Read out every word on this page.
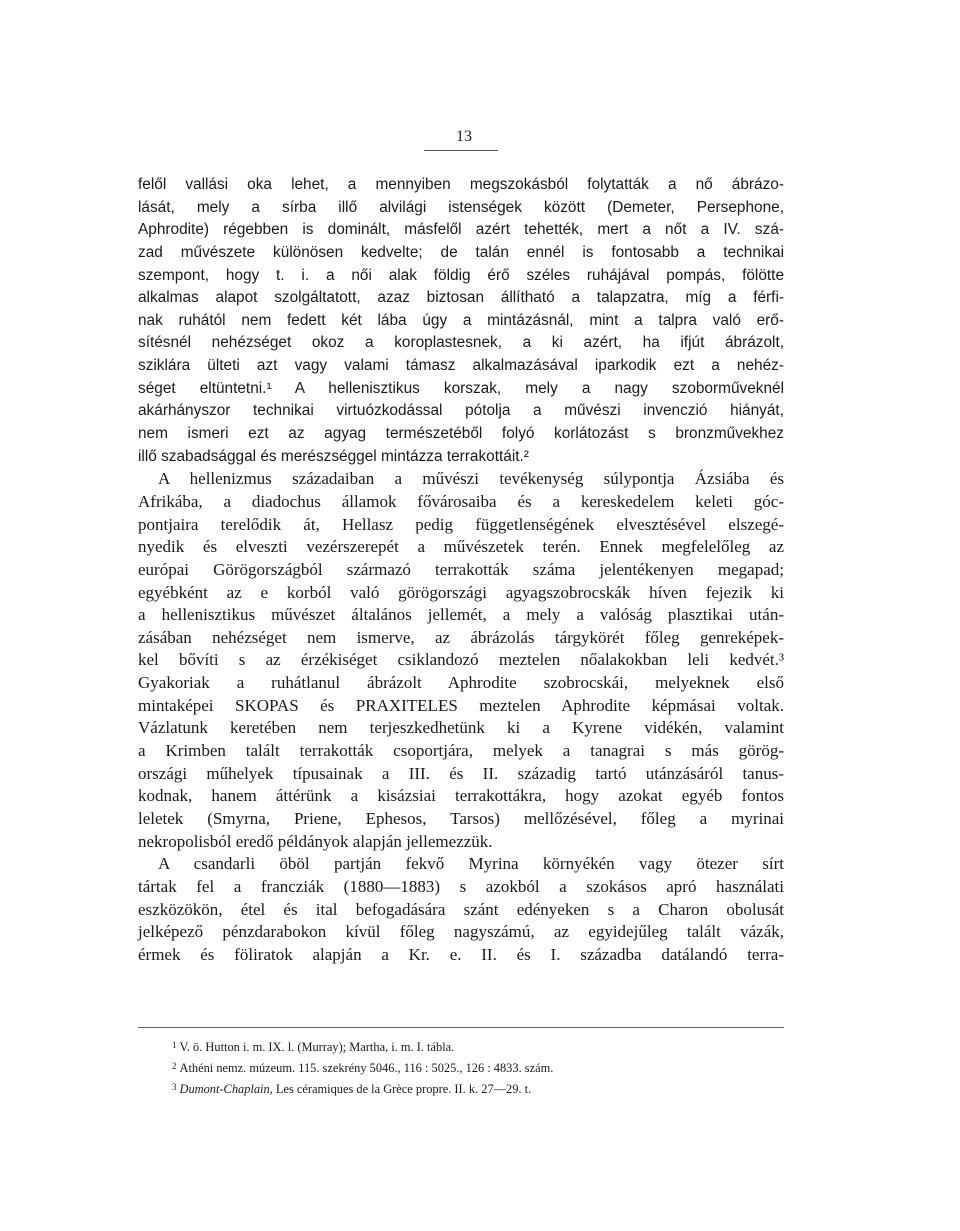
13
felől vallási oka lehet, a mennyiben megszokásból folytatták a nő ábrázo-
lását, mely a sírba illő alvilági istenségek között (Demeter, Persephone,
Aphrodite) régebben is dominált, másfelől azért tehették, mert a nőt a IV. szá-
zad művészete különösen kedvelte; de talán ennél is fontosabb a technikai
szempont, hogy t. i. a női alak földig érő széles ruhájával pompás, fölötte
alkalmas alapot szolgáltatott, azaz biztosan állítható a talapzatra, míg a férfi-
nak ruhától nem fedett két lába úgy a mintázásnál, mint a talpra való erő-
sítésnél nehézséget okoz a koroplastesnek, a ki azért, ha ifjút ábrázolt,
sziklára ülteti azt vagy valami támasz alkalmazásával iparkodik ezt a nehéz-
séget eltüntetni.¹ A hellenisztikus korszak, mely a nagy szoborműveknél
akárhányszor technikai virtuózkodással pótolja a művészi invenczió hiányát,
nem ismeri ezt az agyag természetéből folyó korlátozást s bronzművekhez
illő szabadsággal és merészséggel mintázza terrakottáit.²
A hellenizmus századaiban a művészi tevékenység súlypontja Ázsiába és
Afrikába, a diadochus államok fővárosaiba és a kereskedelem keleti góc-
pontjaira terelődik át, Hellasz pedig függetlenségének elvesztésével elszegé-
nyedik és elveszti vezérszerepét a művészetek terén. Ennek megfelelőleg az
európai Görögországból származó terrakották száma jelentékenyen megapad;
egyébként az e korból való görögországi agyagszobrocskák híven fejezik ki
a hellenisztikus művészet általános jellemét, a mely a valóság plasztikai után-
zásában nehézséget nem ismerve, az ábrázolás tárgykörét főleg genreképek-
kel bővíti s az érzékiséget csiklandozó meztelen nőalakokban leli kedvét.³
Gyakoriak a ruhátlanul ábrázolt Aphrodite szobrocskái, melyeknek első
mintaképei SKOPAS és PRAXITELES meztelen Aphrodite képmásai voltak.
Vázlatunk keretében nem terjeszkedhetünk ki a Kyrene vidékén, valamint
a Krimben talált terrakották csoportjára, melyek a tanagrai s más görög-
országi műhelyek típusainak a III. és II. századig tartó utánzásáról tanus-
kodnak, hanem áttérünk a kisázsiai terrakottákra, hogy azokat egyéb fontos
leletek (Smyrna, Priene, Ephesos, Tarsos) mellőzésével, főleg a myrinai
nekropolisból eredő példányok alapján jellemezzük.
A csandarli öböl partján fekvő Myrina környékén vagy ötezer sírt
tártak fel a francziák (1880—1883) s azokból a szokásos apró használati
eszközökön, étel és ital befogadására szánt edényeken s a Charon obolusát
jelképező pénzdarabokon kívül főleg nagyszámú, az egyidejűleg talált vázák,
érmek és föliratok alapján a Kr. e. II. és I. századba datálandó terra-
$^1$ V. ö. Hutton i. m. IX. l. (Murray); Martha, i. m. I. tábla.
$^2$ Athéni nemz. múzeum. 115. szekrény 5046., 116 : 5025., 126 : 4833. szám.
$^3$ Dumont-Chaplain, Les céramiques de la Grèce propre. II. k. 27—29. t.
